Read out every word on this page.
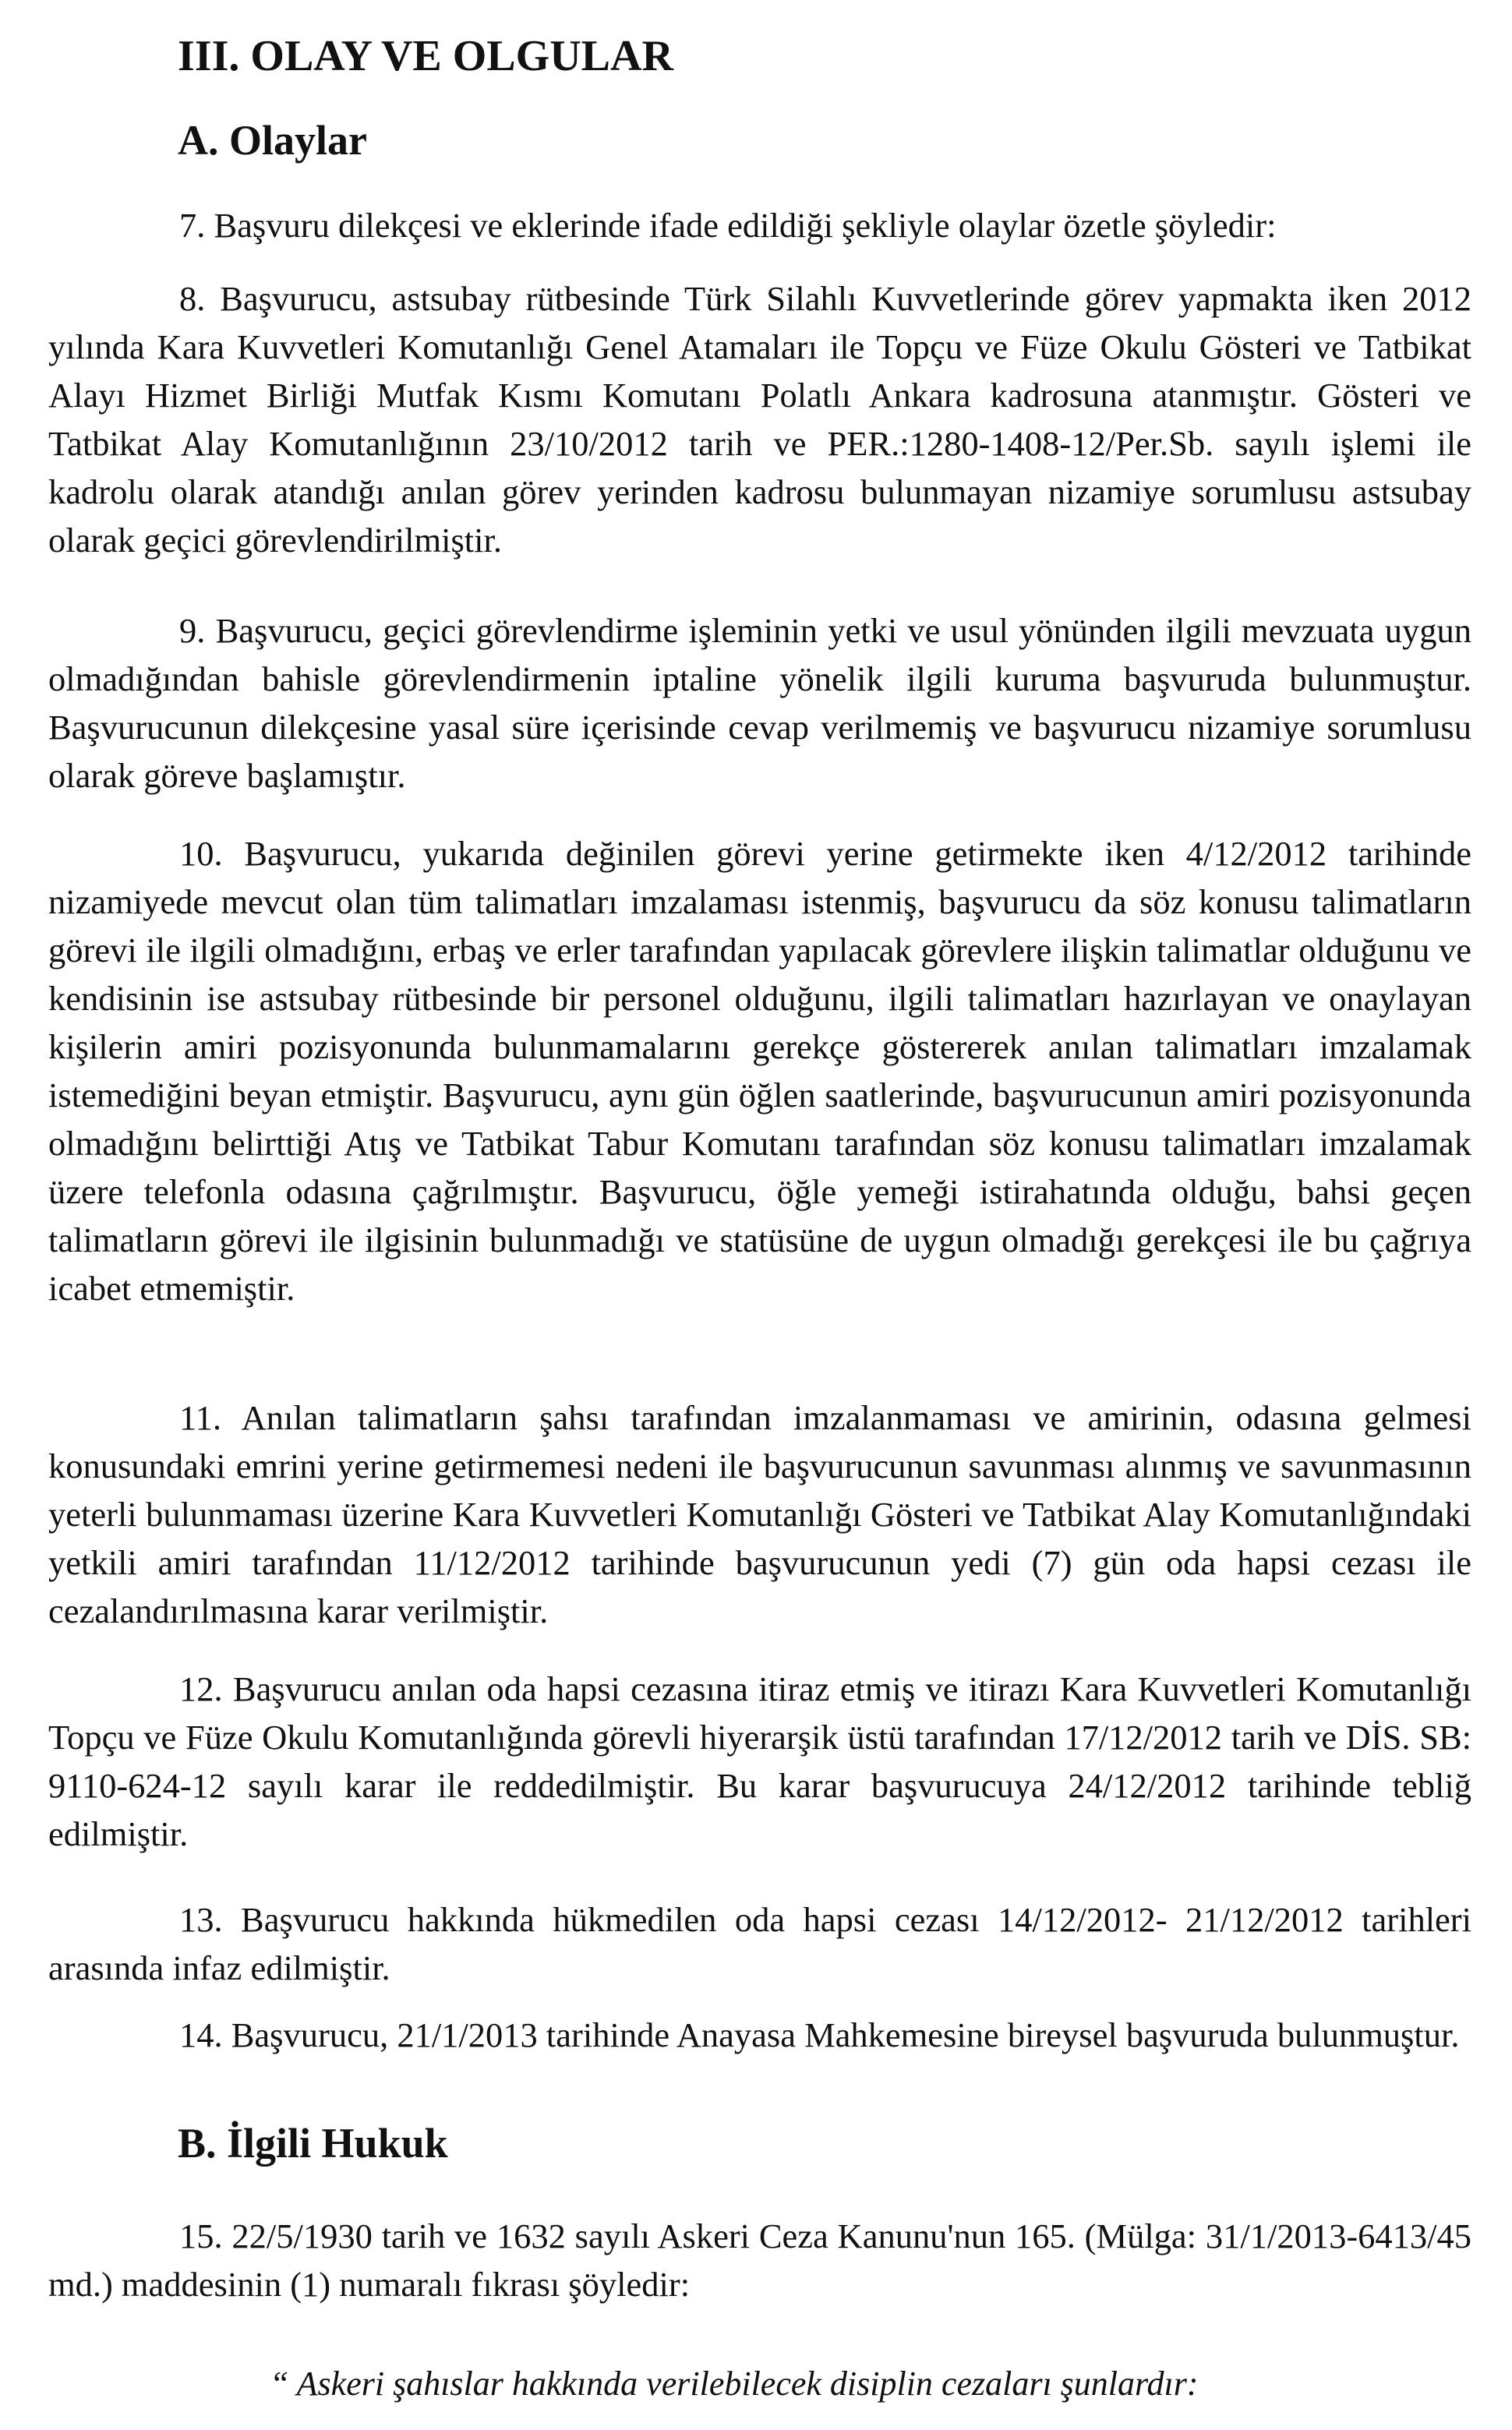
III. OLAY VE OLGULAR
A. Olaylar

7. Başvuru dilekçesi ve eklerinde ifade edildiği şekliyle olaylar özetle şöyledir:

8. Başvurucu, astsubay rütbesinde Türk Silahlı Kuvvetlerinde görev yapmakta iken 2012 yılında Kara Kuvvetleri Komutanlığı Genel Atamaları ile Topçu ve Füze Okulu Gösteri ve Tatbikat Alayı Hizmet Birliği Mutfak Kısmı Komutanı Polatlı Ankara kadrosuna atanmıştır. Gösteri ve Tatbikat Alay Komutanlığının 23/10/2012 tarih ve PER.:1280-1408-12/Per.Sb. sayılı işlemi ile kadrolu olarak atandığı anılan görev yerinden kadrosu bulunmayan nizamiye sorumlusu astsubay olarak geçici görevlendirilmiştir.

9. Başvurucu, geçici görevlendirme işleminin yetki ve usul yönünden ilgili mevzuata uygun olmadığından bahisle görevlendirmenin iptaline yönelik ilgili kuruma başvuruda bulunmuştur. Başvurucunun dilekçesine yasal süre içerisinde cevap verilmemiş ve başvurucu nizamiye sorumlusu olarak göreve başlamıştır.

10. Başvurucu, yukarıda değinilen görevi yerine getirmekte iken 4/12/2012 tarihinde nizamiyede mevcut olan tüm talimatları imzalaması istenmiş, başvurucu da söz konusu talimatların görevi ile ilgili olmadığını, erbaş ve erler tarafından yapılacak görevlere ilişkin talimatlar olduğunu ve kendisinin ise astsubay rütbesinde bir personel olduğunu, ilgili talimatları hazırlayan ve onaylayan kişilerin amiri pozisyonunda bulunmamalarını gerekçe göstererek anılan talimatları imzalamak istemediğini beyan etmiştir. Başvurucu, aynı gün öğlen saatlerinde, başvurucunun amiri pozisyonunda olmadığını belirttiği Atış ve Tatbikat Tabur Komutanı tarafından söz konusu talimatları imzalamak üzere telefonla odasına çağrılmıştır. Başvurucu, öğle yemeği istirahatında olduğu, bahsi geçen talimatların görevi ile ilgisinin bulunmadığı ve statüsüne de uygun olmadığı gerekçesi ile bu çağrıya icabet etmemiştir.

11. Anılan talimatların şahsı tarafından imzalanmaması ve amirinin, odasına gelmesi konusundaki emrini yerine getirmemesi nedeni ile başvurucunun savunması alınmış ve savunmasının yeterli bulunmaması üzerine Kara Kuvvetleri Komutanlığı Gösteri ve Tatbikat Alay Komutanlığındaki yetkili amiri tarafından 11/12/2012 tarihinde başvurucunun yedi (7) gün oda hapsi cezası ile cezalandırılmasına karar verilmiştir.

12. Başvurucu anılan oda hapsi cezasına itiraz etmiş ve itirazı Kara Kuvvetleri Komutanlığı Topçu ve Füze Okulu Komutanlığında görevli hiyerarşik üstü tarafından 17/12/2012 tarih ve DİS. SB: 9110-624-12 sayılı karar ile reddedilmiştir. Bu karar başvurucuya 24/12/2012 tarihinde tebliğ edilmiştir.

13. Başvurucu hakkında hükmedilen oda hapsi cezası 14/12/2012- 21/12/2012 tarihleri arasında infaz edilmiştir.

14. Başvurucu, 21/1/2013 tarihinde Anayasa Mahkemesine bireysel başvuruda bulunmuştur.

B. İlgili Hukuk

15. 22/5/1930 tarih ve 1632 sayılı Askeri Ceza Kanunu'nun 165. (Mülga: 31/1/2013-6413/45 md.) maddesinin (1) numaralı fıkrası şöyledir:

“ Askeri şahıslar hakkında verilebilecek disiplin cezaları şunlardır:
